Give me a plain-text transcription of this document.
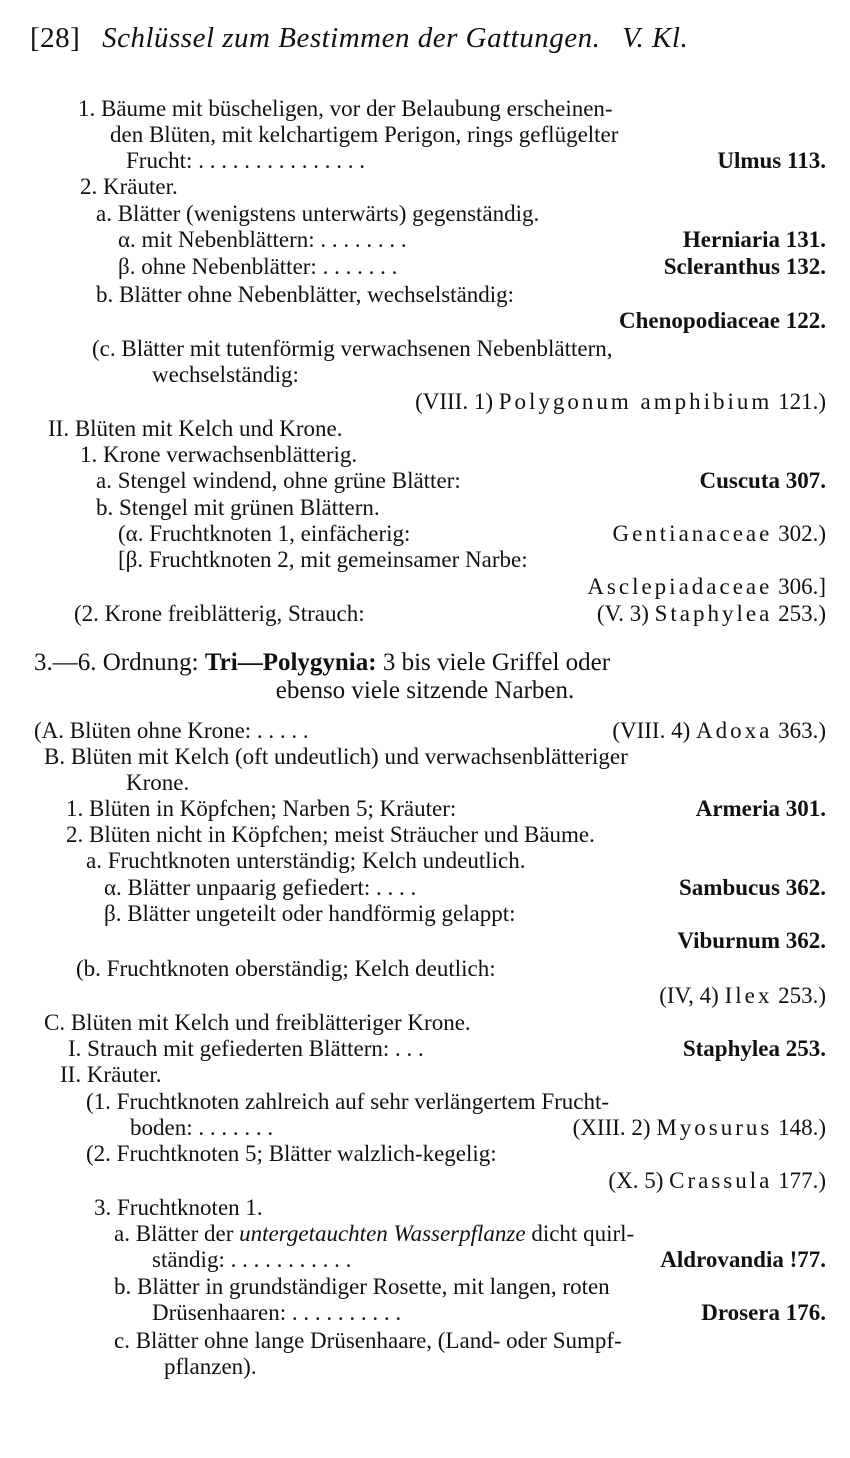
[28] Schlüssel zum Bestimmen der Gattungen. V. Kl.
1. Bäume mit büscheligen, vor der Belaubung erscheinen-
den Blüten, mit kelchartigem Perigon, rings geflügelter
Frucht: . . . . . . . . . . . . . . .
2. Kräuter.
a. Blätter (wenigstens unterwärts) gegenständig.
α. mit Nebenblättern: . . . . . . . .
β. ohne Nebenblätter: . . . . . . .
b. Blätter ohne Nebenblätter, wechselständig:
(c. Blätter mit tutenförmig verwachsenen Nebenblättern,
wechselständig:
II. Blüten mit Kelch und Krone.
1. Krone verwachsenblätterig.
a. Stengel windend, ohne grüne Blätter:
b. Stengel mit grünen Blättern.
(α. Fruchtknoten 1, einfächerig:
[β. Fruchtknoten 2, mit gemeinsamer Narbe:
(2. Krone freiblätterig, Strauch:
(A. Blüten ohne Krone: . . . . .
B. Blüten mit Kelch (oft undeutlich) und verwachsenblätteriger
Krone.
1. Blüten in Köpfchen; Narben 5; Kräuter:
2. Blüten nicht in Köpfchen; meist Sträucher und Bäume.
a. Fruchtknoten unterständig; Kelch undeutlich.
α. Blätter unpaarig gefiedert: . . . .
β. Blätter ungeteilt oder handförmig gelappt:
(b. Fruchtknoten oberständig; Kelch deutlich:
C. Blüten mit Kelch und freiblätteriger Krone.
I. Strauch mit gefiederten Blättern: . . .
II. Kräuter.
(1. Fruchtknoten zahlreich auf sehr verlängertem Frucht-
boden: . . . . . . .
(2. Fruchtknoten 5; Blätter walzlich-kegelig:
3. Fruchtknoten 1.
ständig: . . . . . . . . . . .
b. Blätter in grundständiger Rosette, mit langen, roten
Drüsenhaaren: . . . . . . . . . .
c. Blätter ohne lange Drüsenhaare, (Land- oder Sumpf-
pflanzen).
Ulmus 113.
Herniaria 131.
Scleranthus 132.
Chenopodiaceae 122.
Cuscuta 307.
Armeria 301.
Sambucus 362.
Viburnum 362.
Staphylea 253.
Aldrovandia !77.
Drosera 176.
(VIII. 1) Polygonum amphibium 121.)
Gentianaceae 302.)
Asclepiadaceae 306.]
(V. 3) Staphylea 253.)
(VIII. 4) Adoxa 363.)
(IV, 4) Ilex 253.)
(XIII. 2) Myosurus 148.)
(X. 5) Crassula 177.)
3.—6. Ordnung: Tri—Polygynia: 3 bis viele Griffel oder
ebenso viele sitzende Narben.
a. Blätter der untergetauchten Wasserpflanze dicht quirl-
